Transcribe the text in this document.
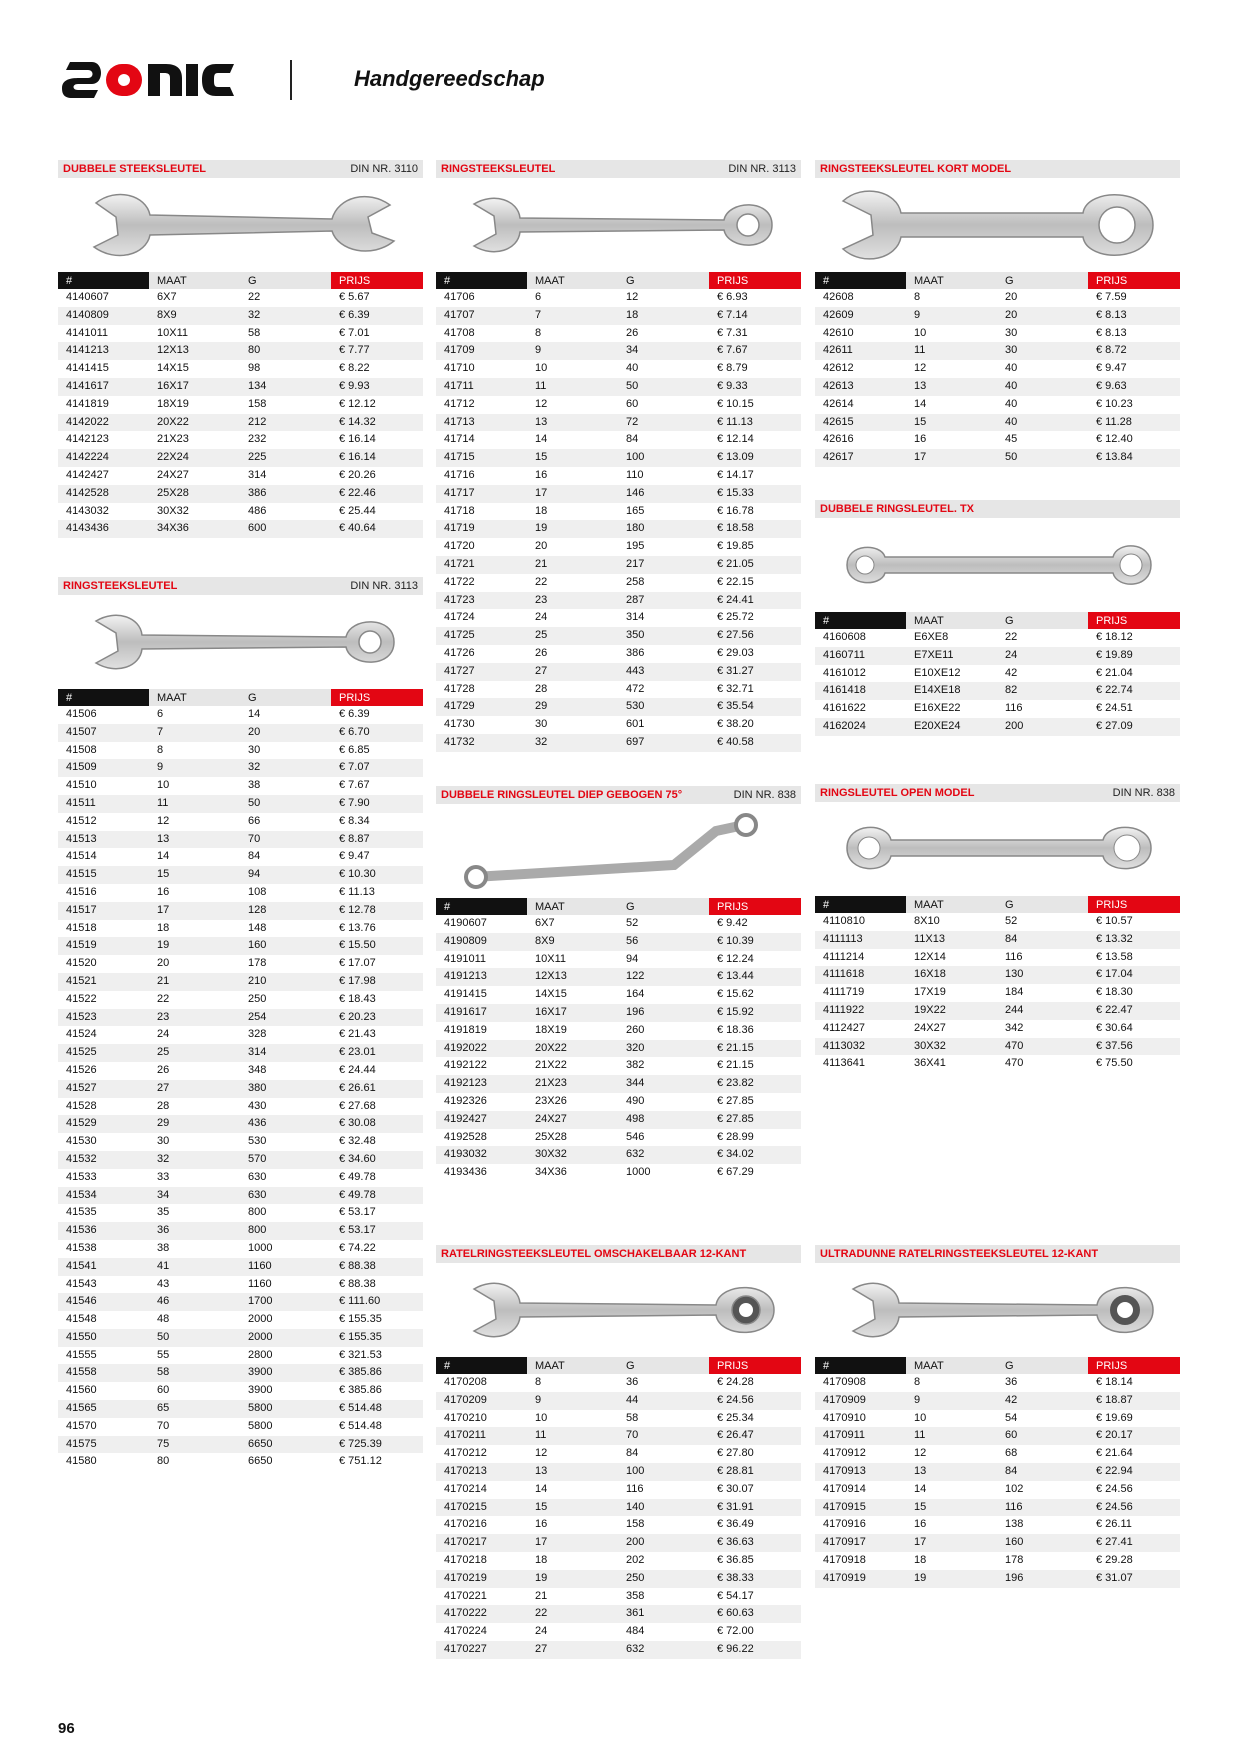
Handgereedschap
DUBBELE STEEKSLEUTEL	DIN NR. 3110
#	MAAT	G	PRIJS
4140607	6X7	22	€ 5.67
4140809	8X9	32	€ 6.39
4141011	10X11	58	€ 7.01
4141213	12X13	80	€ 7.77
4141415	14X15	98	€ 8.22
4141617	16X17	134	€ 9.93
4141819	18X19	158	€ 12.12
4142022	20X22	212	€ 14.32
4142123	21X23	232	€ 16.14
4142224	22X24	225	€ 16.14
4142427	24X27	314	€ 20.26
4142528	25X28	386	€ 22.46
4143032	30X32	486	€ 25.44
4143436	34X36	600	€ 40.64
RINGSTEEKSLEUTEL	DIN NR. 3113
#	MAAT	G	PRIJS
41506	6	14	€ 6.39
41507	7	20	€ 6.70
41508	8	30	€ 6.85
41509	9	32	€ 7.07
41510	10	38	€ 7.67
41511	11	50	€ 7.90
41512	12	66	€ 8.34
41513	13	70	€ 8.87
41514	14	84	€ 9.47
41515	15	94	€ 10.30
41516	16	108	€ 11.13
41517	17	128	€ 12.78
41518	18	148	€ 13.76
41519	19	160	€ 15.50
41520	20	178	€ 17.07
41521	21	210	€ 17.98
41522	22	250	€ 18.43
41523	23	254	€ 20.23
41524	24	328	€ 21.43
41525	25	314	€ 23.01
41526	26	348	€ 24.44
41527	27	380	€ 26.61
41528	28	430	€ 27.68
41529	29	436	€ 30.08
41530	30	530	€ 32.48
41532	32	570	€ 34.60
41533	33	630	€ 49.78
41534	34	630	€ 49.78
41535	35	800	€ 53.17
41536	36	800	€ 53.17
41538	38	1000	€ 74.22
41541	41	1160	€ 88.38
41543	43	1160	€ 88.38
41546	46	1700	€ 111.60
41548	48	2000	€ 155.35
41550	50	2000	€ 155.35
41555	55	2800	€ 321.53
41558	58	3900	€ 385.86
41560	60	3900	€ 385.86
41565	65	5800	€ 514.48
41570	70	5800	€ 514.48
41575	75	6650	€ 725.39
41580	80	6650	€ 751.12
RINGSTEEKSLEUTEL	DIN NR. 3113
#	MAAT	G	PRIJS
41706	6	12	€ 6.93
41707	7	18	€ 7.14
41708	8	26	€ 7.31
41709	9	34	€ 7.67
41710	10	40	€ 8.79
41711	11	50	€ 9.33
41712	12	60	€ 10.15
41713	13	72	€ 11.13
41714	14	84	€ 12.14
41715	15	100	€ 13.09
41716	16	110	€ 14.17
41717	17	146	€ 15.33
41718	18	165	€ 16.78
41719	19	180	€ 18.58
41720	20	195	€ 19.85
41721	21	217	€ 21.05
41722	22	258	€ 22.15
41723	23	287	€ 24.41
41724	24	314	€ 25.72
41725	25	350	€ 27.56
41726	26	386	€ 29.03
41727	27	443	€ 31.27
41728	28	472	€ 32.71
41729	29	530	€ 35.54
41730	30	601	€ 38.20
41732	32	697	€ 40.58
DUBBELE RINGSLEUTEL DIEP GEBOGEN 75°	DIN NR. 838
#	MAAT	G	PRIJS
4190607	6X7	52	€ 9.42
4190809	8X9	56	€ 10.39
4191011	10X11	94	€ 12.24
4191213	12X13	122	€ 13.44
4191415	14X15	164	€ 15.62
4191617	16X17	196	€ 15.92
4191819	18X19	260	€ 18.36
4192022	20X22	320	€ 21.15
4192122	21X22	382	€ 21.15
4192123	21X23	344	€ 23.82
4192326	23X26	490	€ 27.85
4192427	24X27	498	€ 27.85
4192528	25X28	546	€ 28.99
4193032	30X32	632	€ 34.02
4193436	34X36	1000	€ 67.29
RATELRINGSTEEKSLEUTEL OMSCHAKELBAAR 12-KANT
#	MAAT	G	PRIJS
4170208	8	36	€ 24.28
4170209	9	44	€ 24.56
4170210	10	58	€ 25.34
4170211	11	70	€ 26.47
4170212	12	84	€ 27.80
4170213	13	100	€ 28.81
4170214	14	116	€ 30.07
4170215	15	140	€ 31.91
4170216	16	158	€ 36.49
4170217	17	200	€ 36.63
4170218	18	202	€ 36.85
4170219	19	250	€ 38.33
4170221	21	358	€ 54.17
4170222	22	361	€ 60.63
4170224	24	484	€ 72.00
4170227	27	632	€ 96.22
RINGSTEEKSLEUTEL KORT MODEL
#	MAAT	G	PRIJS
42608	8	20	€ 7.59
42609	9	20	€ 8.13
42610	10	30	€ 8.13
42611	11	30	€ 8.72
42612	12	40	€ 9.47
42613	13	40	€ 9.63
42614	14	40	€ 10.23
42615	15	40	€ 11.28
42616	16	45	€ 12.40
42617	17	50	€ 13.84
DUBBELE RINGSLEUTEL. TX
#	MAAT	G	PRIJS
4160608	E6XE8	22	€ 18.12
4160711	E7XE11	24	€ 19.89
4161012	E10XE12	42	€ 21.04
4161418	E14XE18	82	€ 22.74
4161622	E16XE22	116	€ 24.51
4162024	E20XE24	200	€ 27.09
RINGSLEUTEL OPEN MODEL	DIN NR. 838
#	MAAT	G	PRIJS
4110810	8X10	52	€ 10.57
4111113	11X13	84	€ 13.32
4111214	12X14	116	€ 13.58
4111618	16X18	130	€ 17.04
4111719	17X19	184	€ 18.30
4111922	19X22	244	€ 22.47
4112427	24X27	342	€ 30.64
4113032	30X32	470	€ 37.56
4113641	36X41	470	€ 75.50
ULTRADUNNE RATELRINGSTEEKSLEUTEL 12-KANT
#	MAAT	G	PRIJS
4170908	8	36	€ 18.14
4170909	9	42	€ 18.87
4170910	10	54	€ 19.69
4170911	11	60	€ 20.17
4170912	12	68	€ 21.64
4170913	13	84	€ 22.94
4170914	14	102	€ 24.56
4170915	15	116	€ 24.56
4170916	16	138	€ 26.11
4170917	17	160	€ 27.41
4170918	18	178	€ 29.28
4170919	19	196	€ 31.07
96
